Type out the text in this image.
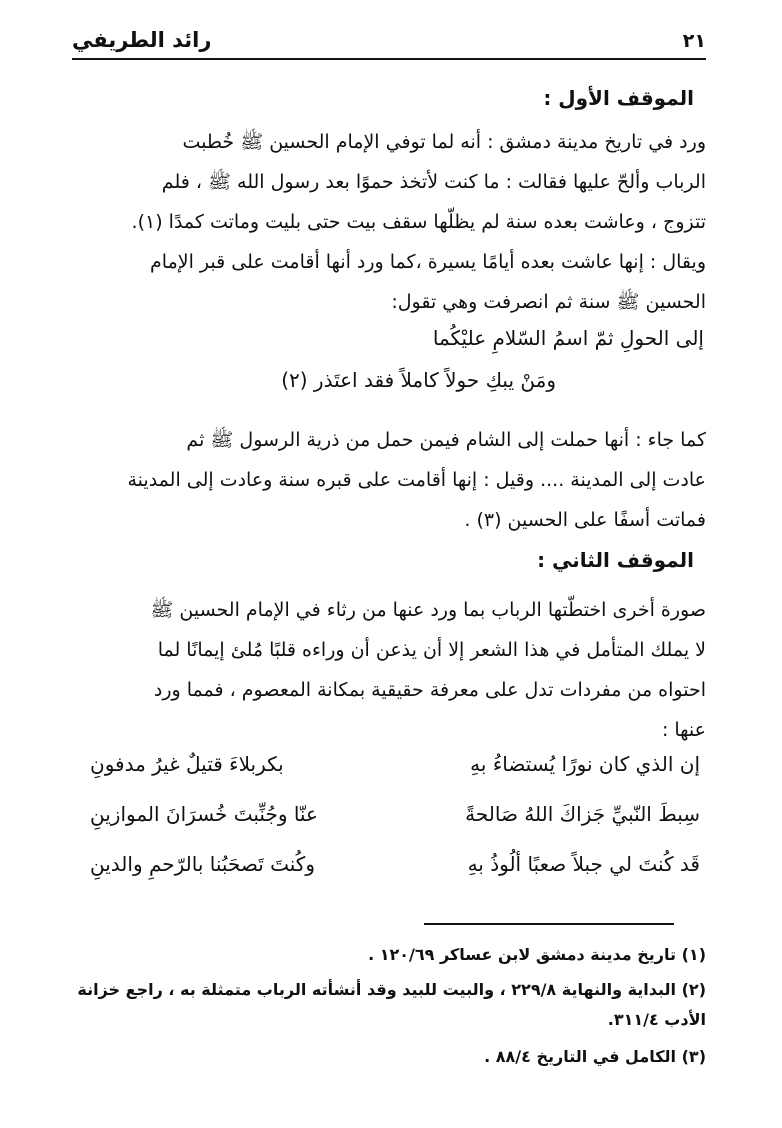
٢١
رائد الطريفي
الموقف الأول :
ورد في تاريخ مدينة دمشق : أنه لما توفي الإمام الحسين ﷺ خُطبت
الرباب وألحّ عليها فقالت : ما كنت لأتخذ حموًا بعد رسول الله ﷺ ، فلم
تتزوج ، وعاشت بعده سنة لم يظلّها سقف بيت حتى بليت وماتت كمدًا (١).
ويقال : إنها عاشت بعده أيامًا يسيرة ،كما ورد أنها أقامت على قبر الإمام
الحسين ﷺ سنة ثم انصرفت وهي تقول:
إلى الحولِ ثمّ اسمُ السّلامِ عليْكُما
ومَنْ يبكِ حولاً كاملاً فقد اعتَذر (٢)
كما جاء : أنها حملت إلى الشام فيمن حمل من ذرية الرسول ﷺ ثم
عادت إلى المدينة .... وقيل : إنها أقامت على قبره سنة وعادت إلى المدينة
فماتت أسفًا على الحسين (٣) .
الموقف الثاني :
صورة أخرى اختطّتها الرباب بما ورد عنها من رثاء في الإمام الحسين ﷺ
لا يملك المتأمل في هذا الشعر إلا أن يذعن أن وراءه قلبًا مُلئ إيمانًا لما
احتواه من مفردات تدل على معرفة حقيقية بمكانة المعصوم ، فمما ورد
عنها :
إن الذي كان نورًا يُستضاءُ بهِ
بكربلاءَ قتيلٌ غيرُ مدفونِ
سِبطَ النّبيِّ جَزاكَ اللهُ صَالحةً
عنّا وجُنِّبتَ خُسرَانَ الموازينِ
قَد كُنتَ لي جبلاً صعبًا ألُوذُ بهِ
وكُنتَ تَصحَبُنا بالرّحمِ والدينِ
(١) تاريخ مدينة دمشق لابن عساكر ١٢٠/٦٩ .
(٢) البداية والنهاية ٢٢٩/٨ ، والبيت للبيد وقد أنشأته الرباب متمثلة به ، راجع خزانة
الأدب ٣١١/٤.
(٣) الكامل في التاريخ ٨٨/٤ .
